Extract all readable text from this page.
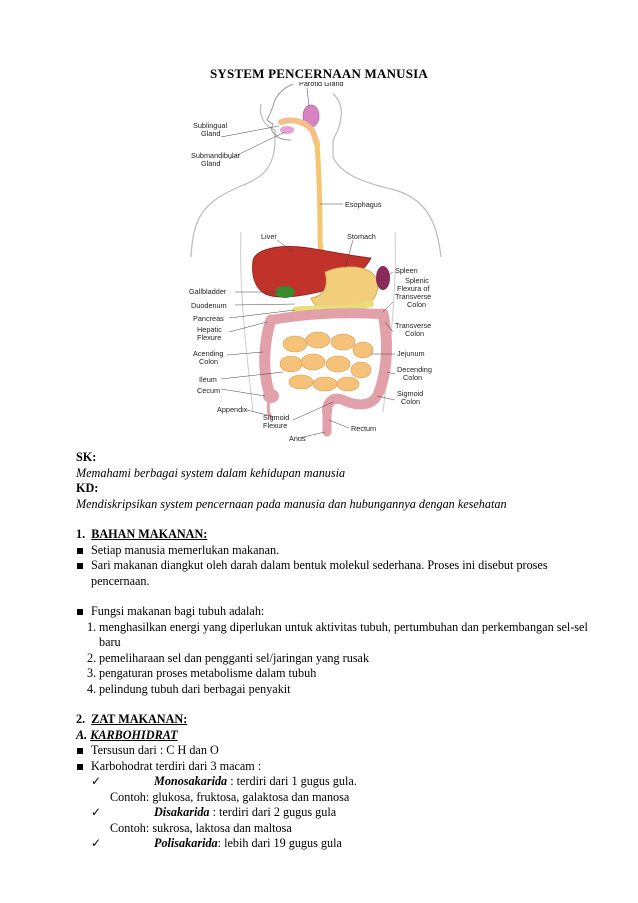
SYSTEM PENCERNAAN MANUSIA
Parotid Gland
Sublingual
Gland
Submandibular
Gland
Esophagus
Liver	Stomach
Spleen
Splenic
Flexura of
Transverse
Colon
Gallbladder
Duodenum
Pancreas
Hepatic
Flexure
Transverse
Colon
Acending
Colon
Jejunum
Ileum
Decending
Colon
Cecum	Sigmoid
Colon
Appendix
Sigmoid
Flexure	Rectum
Anus
SK:
Memahami berbagai system dalam kehidupan manusia
KD:
Mendiskripsikan system pencernaan pada manusia dan hubungannya dengan kesehatan
1. BAHAN MAKANAN:
Setiap manusia memerlukan makanan.
Sari makanan diangkut oleh darah dalam bentuk molekul sederhana. Proses ini disebut proses pencernaan.
Fungsi makanan bagi tubuh adalah:
1. menghasilkan energi yang diperlukan untuk aktivitas tubuh, pertumbuhan dan perkembangan sel-sel baru
2. pemeliharaan sel dan pengganti sel/jaringan yang rusak
3. pengaturan proses metabolisme dalam tubuh
4. pelindung tubuh dari berbagai penyakit
2. ZAT MAKANAN:
A. KARBOHIDRAT
Tersusun dari : C H dan O
Karbohodrat terdiri dari 3 macam :
✓	Monosakarida : terdiri dari 1 gugus gula.
Contoh: glukosa, fruktosa, galaktosa dan manosa
✓	Disakarida : terdiri dari 2 gugus gula
Contoh: sukrosa, laktosa dan maltosa
✓	Polisakarida: lebih dari 19 gugus gula
